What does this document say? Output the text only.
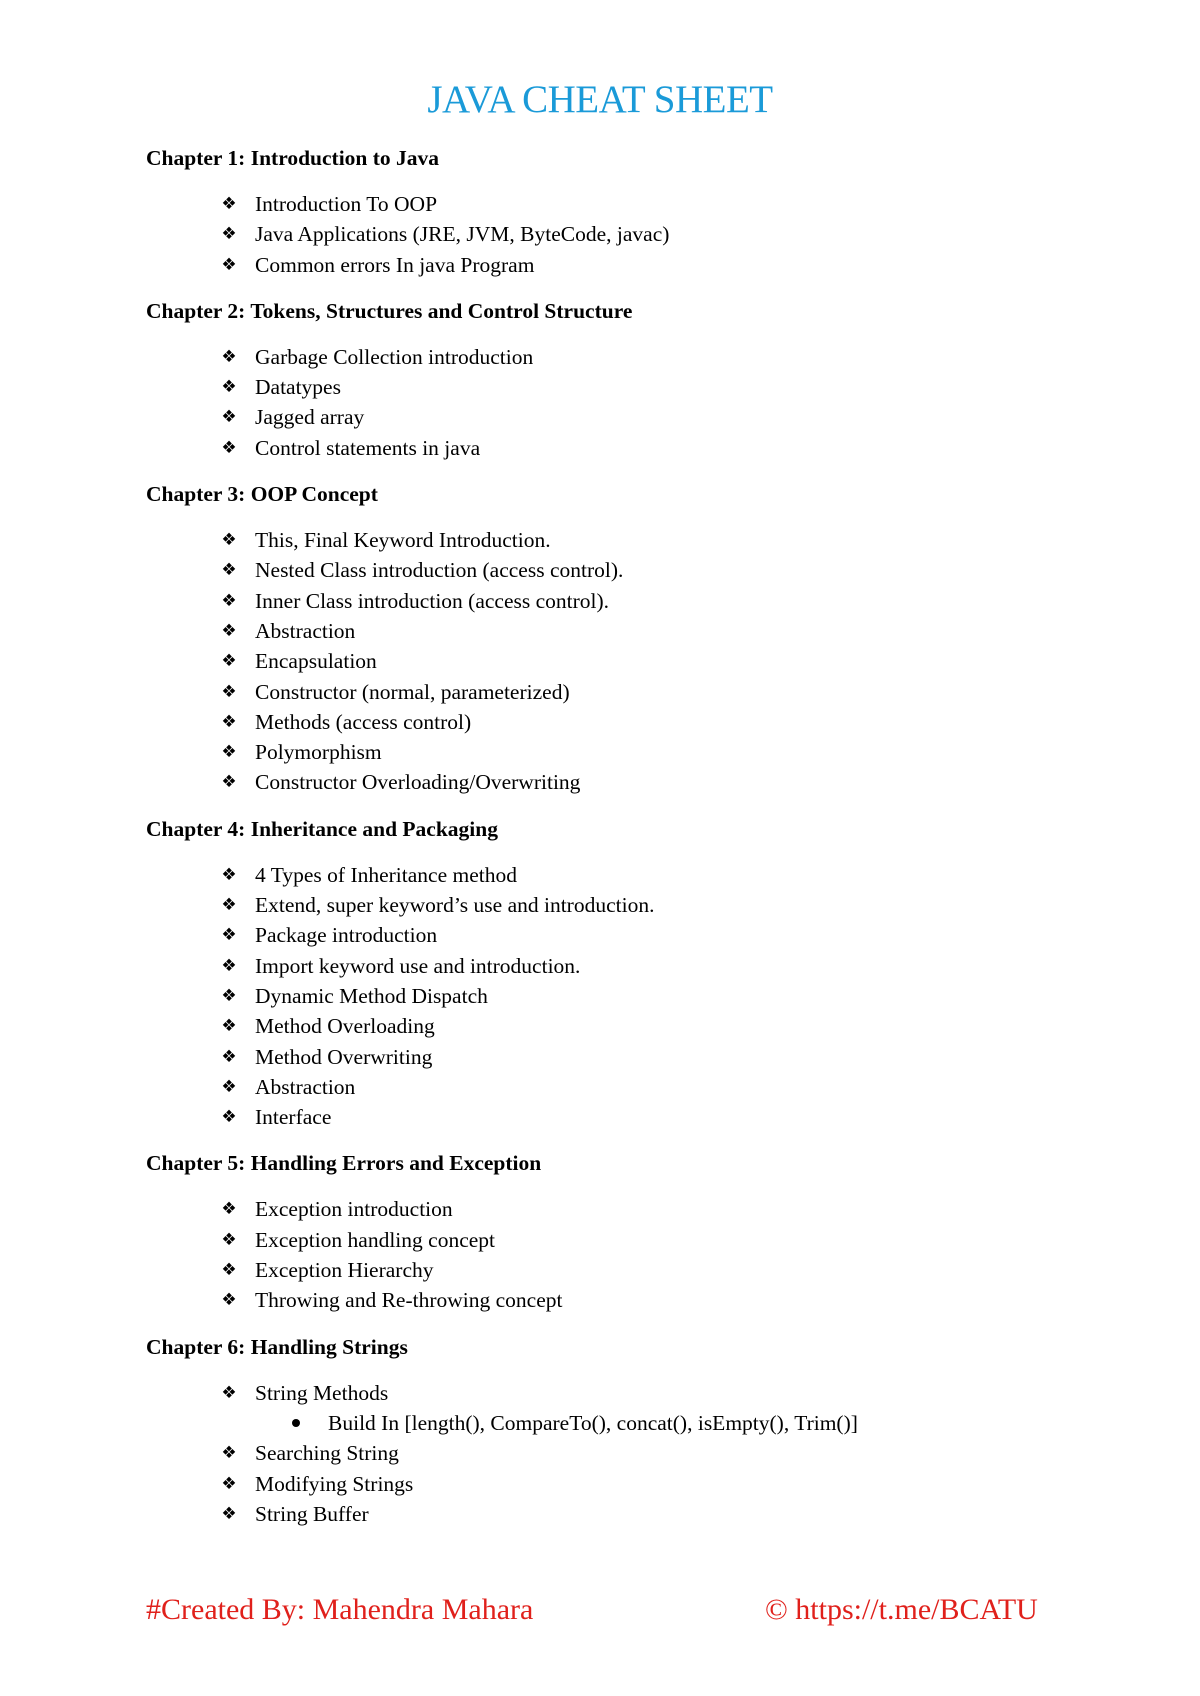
JAVA CHEAT SHEET
Chapter 1: Introduction to Java
❖ Introduction To OOP
❖ Java Applications (JRE, JVM, ByteCode, javac)
❖ Common errors In java Program
Chapter 2: Tokens, Structures and Control Structure
❖ Garbage Collection introduction
❖ Datatypes
❖ Jagged array
❖ Control statements in java
Chapter 3: OOP Concept
❖ This, Final Keyword Introduction.
❖ Nested Class introduction (access control).
❖ Inner Class introduction (access control).
❖ Abstraction
❖ Encapsulation
❖ Constructor (normal, parameterized)
❖ Methods (access control)
❖ Polymorphism
❖ Constructor Overloading/Overwriting
Chapter 4: Inheritance and Packaging
❖ 4 Types of Inheritance method
❖ Extend, super keyword’s use and introduction.
❖ Package introduction
❖ Import keyword use and introduction.
❖ Dynamic Method Dispatch
❖ Method Overloading
❖ Method Overwriting
❖ Abstraction
❖ Interface
Chapter 5: Handling Errors and Exception
❖ Exception introduction
❖ Exception handling concept
❖ Exception Hierarchy
❖ Throwing and Re-throwing concept
Chapter 6: Handling Strings
❖ String Methods
Build In [length(), CompareTo(), concat(), isEmpty(), Trim()]
❖ Searching String
❖ Modifying Strings
❖ String Buffer
#Created By: Mahendra Mahara	© https://t.me/BCATU
